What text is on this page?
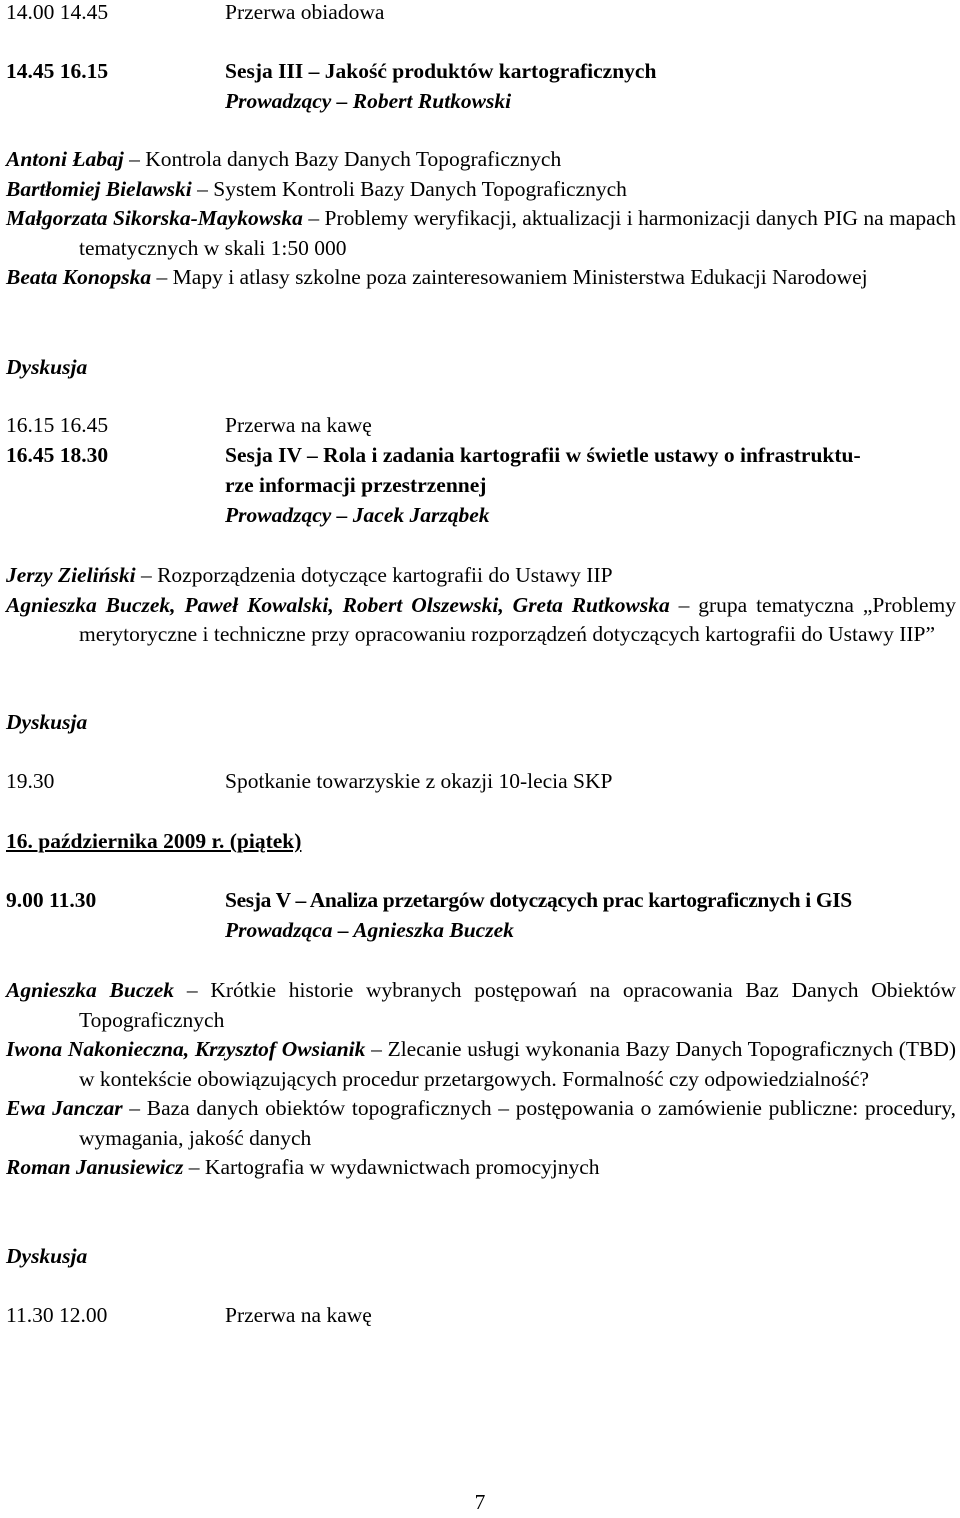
14.00 14.45	Przerwa obiadowa
14.45 16.15	Sesja III – Jakość produktów kartograficznych
Prowadzący – Robert Rutkowski

Antoni Łabaj – Kontrola danych Bazy Danych Topograficznych

Bartłomiej Bielawski – System Kontroli Bazy Danych Topograficznych

Małgorzata Sikorska-Maykowska – Problemy weryfikacji, aktualizacji i harmonizacji danych PIG na mapach tematycznych w skali 1:50 000

Beata Konopska – Mapy i atlasy szkolne poza zainteresowaniem Ministerstwa Edukacji Narodowej

Dyskusja
16.15 16.45	Przerwa na kawę
16.45 18.30	Sesja IV – Rola i zadania kartografii w świetle ustawy o infrastruktu-
rze informacji przestrzennej
Prowadzący – Jacek Jarząbek

Jerzy Zieliński – Rozporządzenia dotyczące kartografii do Ustawy IIP

Agnieszka Buczek, Paweł Kowalski, Robert Olszewski, Greta Rutkowska – grupa tematyczna „Problemy merytoryczne i techniczne przy opracowaniu rozporządzeń dotyczących kartografii do Ustawy IIP”

Dyskusja
19.30	Spotkanie towarzyskie z okazji 10-lecia SKP
16. października 2009 r. (piątek)
9.00 11.30	Sesja V – Analiza przetargów dotyczących prac kartograficznych i GIS
Prowadząca – Agnieszka Buczek

Agnieszka Buczek – Krótkie historie wybranych postępowań na opracowania Baz Danych Obiektów Topograficznych

Iwona Nakonieczna, Krzysztof Owsianik – Zlecanie usługi wykonania Bazy Danych Topograficznych (TBD) w kontekście obowiązujących procedur przetargowych. Formalność czy odpowiedzialność?

Ewa Janczar – Baza danych obiektów topograficznych – postępowania o zamówienie publiczne: procedury, wymagania, jakość danych

Roman Janusiewicz – Kartografia w wydawnictwach promocyjnych

Dyskusja
11.30 12.00	Przerwa na kawę
7
